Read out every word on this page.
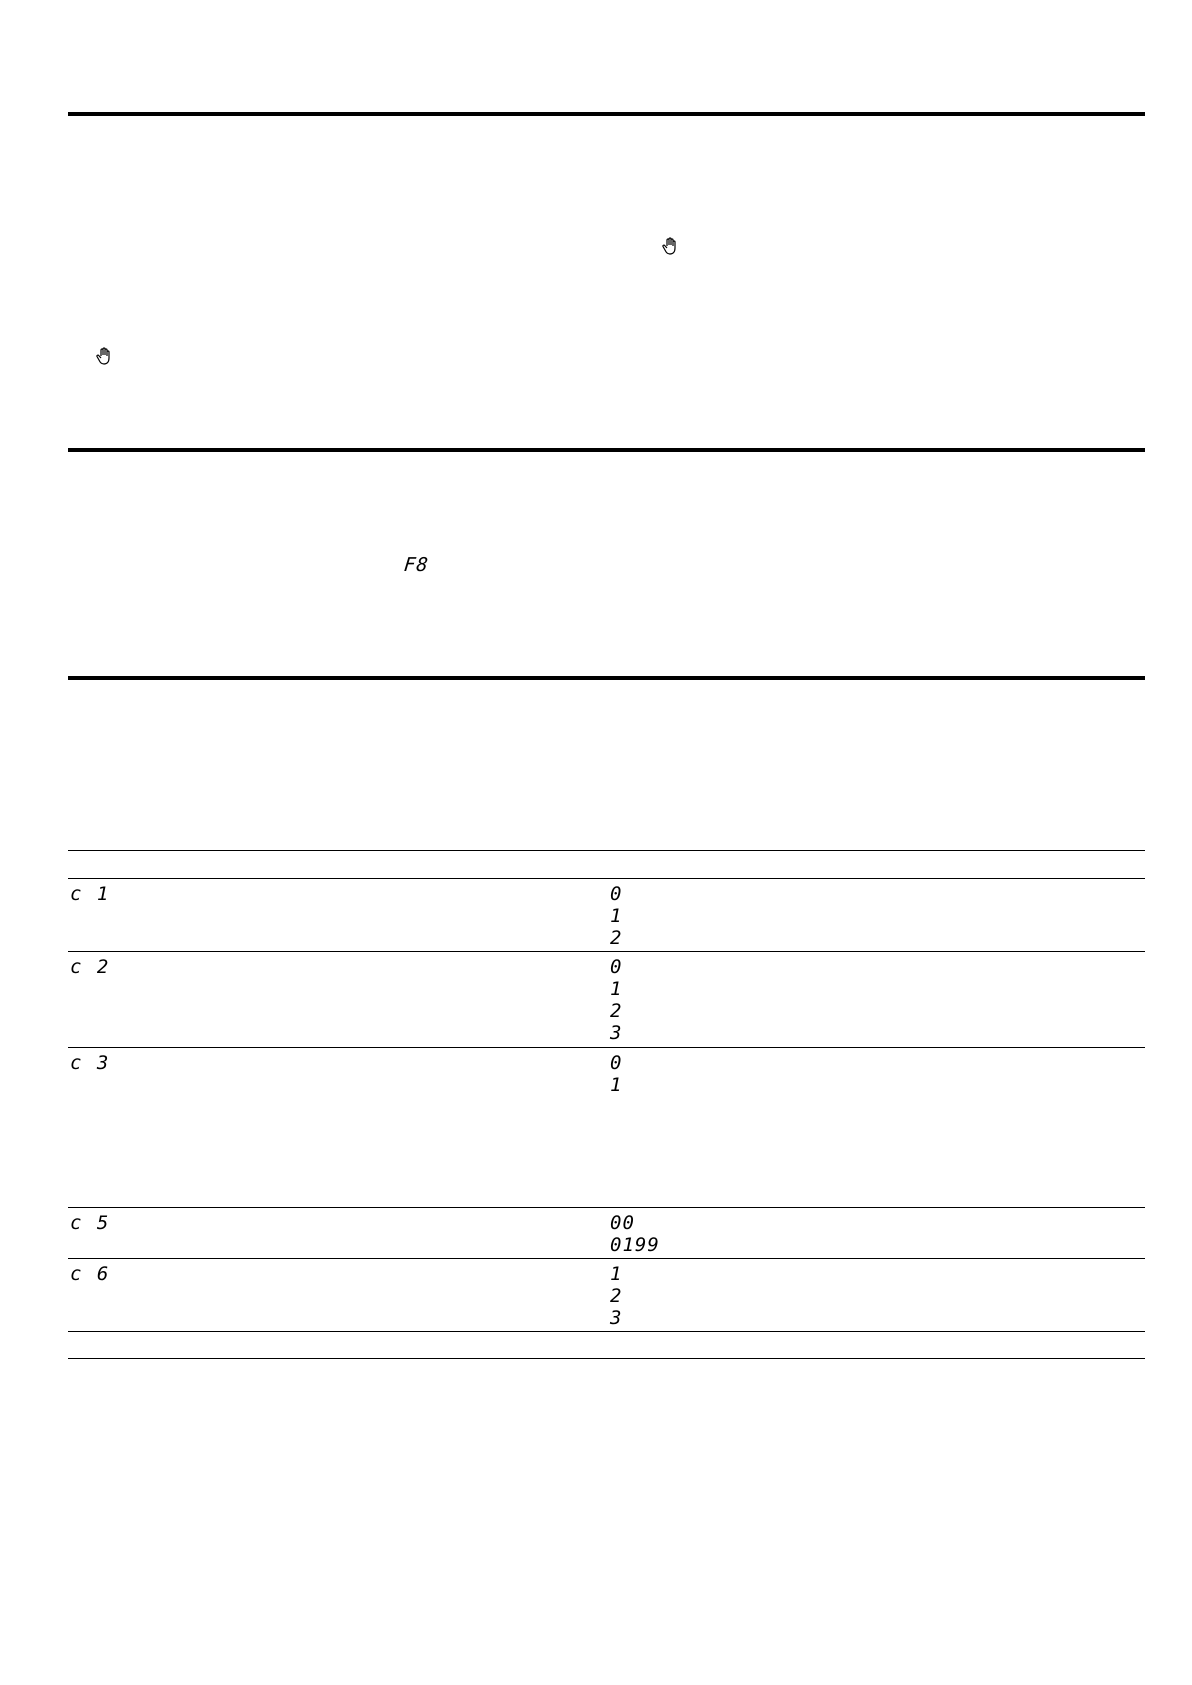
F8
c 1	0
1
2
c 2	0
1
2
3
c 3	0
1
c 5	00
0199
c 6	1
2
3
